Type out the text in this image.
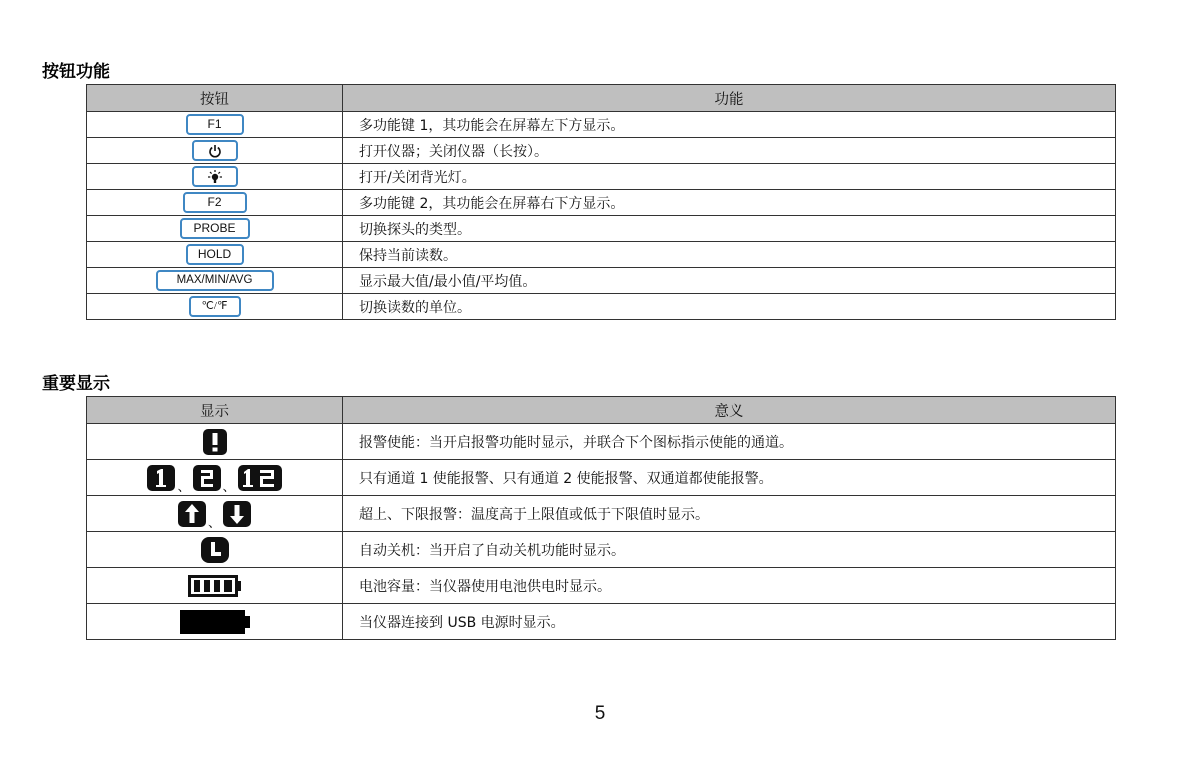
按钮功能
按钮	功能
F1	多功能键 1，其功能会在屏幕左下方显示。
	打开仪器；关闭仪器（长按）。
	打开/关闭背光灯。
F2	多功能键 2，其功能会在屏幕右下方显示。
PROBE	切换探头的类型。
HOLD	保持当前读数。
MAX/MIN/AVG	显示最大值/最小值/平均值。
℃/℉	切换读数的单位。
重要显示
显示	意义
	报警使能：当开启报警功能时显示，并联合下个图标指示使能的通道。
、 、	只有通道 1 使能报警、只有通道 2 使能报警、双通道都使能报警。
、	超上、下限报警：温度高于上限值或低于下限值时显示。
	自动关机：当开启了自动关机功能时显示。
	电池容量：当仪器使用电池供电时显示。
	当仪器连接到 USB 电源时显示。
5
